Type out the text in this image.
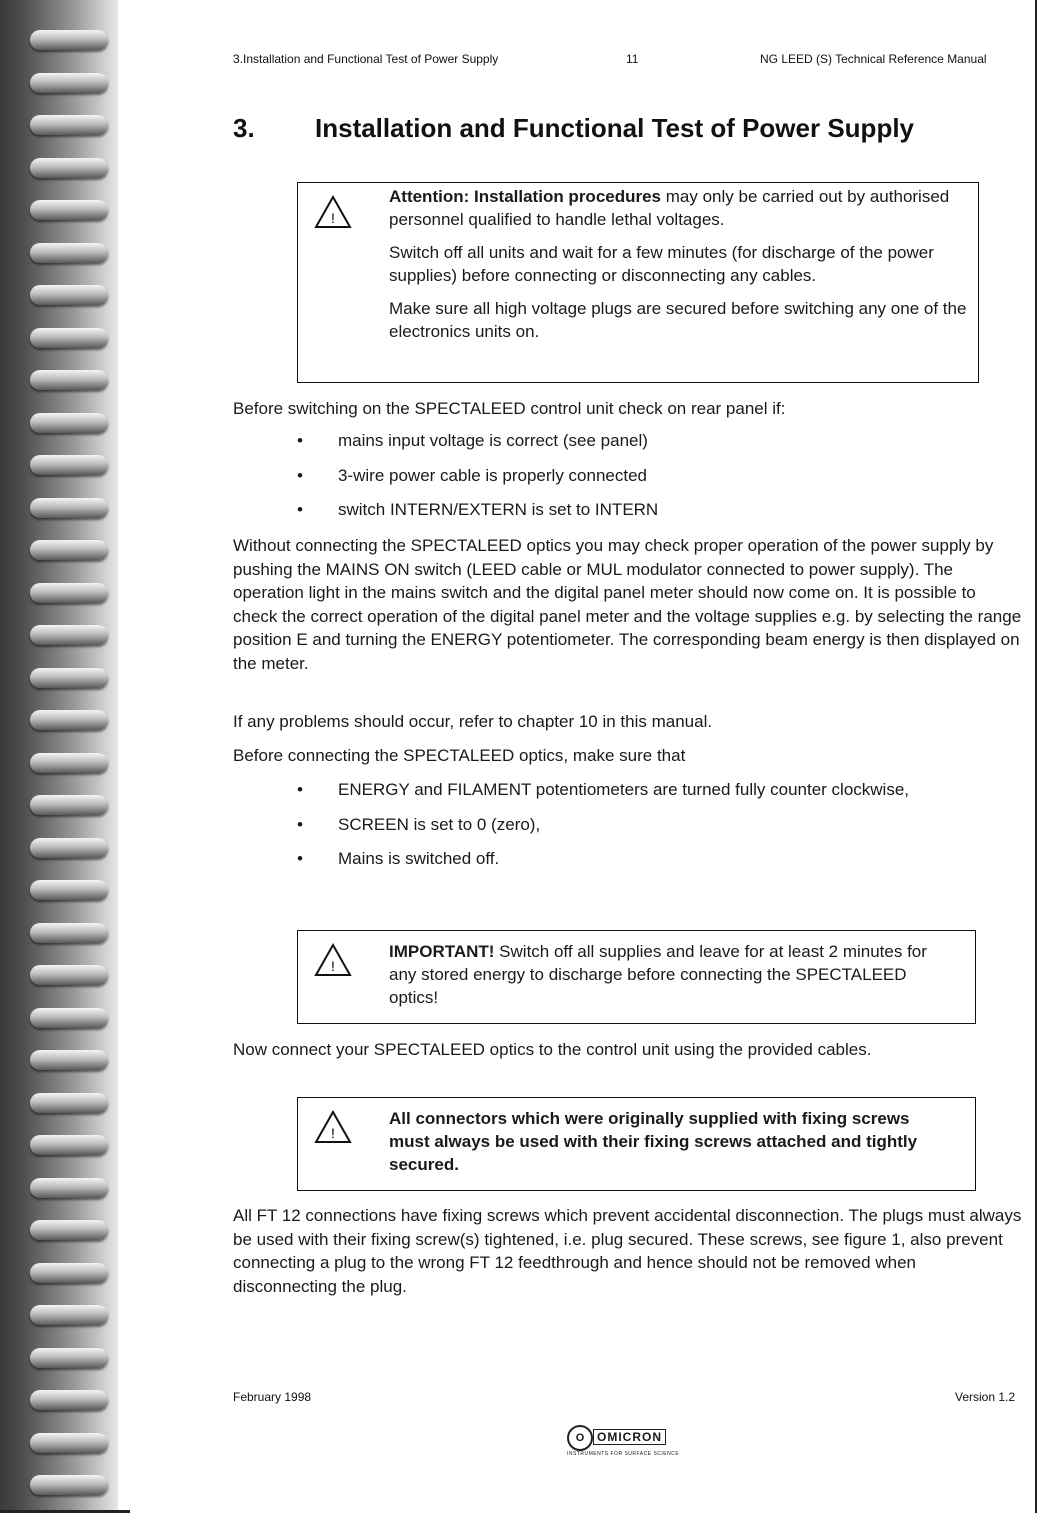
3.Installation and Functional Test of Power Supply	11	NG LEED (S) Technical Reference Manual
3. Installation and Functional Test of Power Supply
!

Attention: Installation procedures may only be carried out by authorised personnel qualified to handle lethal voltages.

Switch off all units and wait for a few minutes (for discharge of the power supplies) before connecting or disconnecting any cables.

Make sure all high voltage plugs are secured before switching any one of the electronics units on.

Before switching on the SPECTALEED control unit check on rear panel if:

• mains input voltage is correct (see panel)
• 3-wire power cable is properly connected
• switch INTERN/EXTERN is set to INTERN

Without connecting the SPECTALEED optics you may check proper operation of the power supply by pushing the MAINS ON switch (LEED cable or MUL modulator connected to power supply). The operation light in the mains switch and the digital panel meter should now come on. It is possible to check the correct operation of the digital panel meter and the voltage supplies e.g. by selecting the range position E and turning the ENERGY potentiometer. The corresponding beam energy is then displayed on the meter.

If any problems should occur, refer to chapter 10 in this manual.

Before connecting the SPECTALEED optics, make sure that

• ENERGY and FILAMENT potentiometers are turned fully counter clockwise,
• SCREEN is set to 0 (zero),
• Mains is switched off.
!
IMPORTANT! Switch off all supplies and leave for at least 2 minutes for any stored energy to discharge before connecting the SPECTALEED optics!

Now connect your SPECTALEED optics to the control unit using the provided cables.

!
All connectors which were originally supplied with fixing screws must always be used with their fixing screws attached and tightly secured.

All FT 12 connections have fixing screws which prevent accidental disconnection. The plugs must always be used with their fixing screw(s) tightened, i.e. plug secured. These screws, see figure 1, also prevent connecting a plug to the wrong FT 12 feedthrough and hence should not be removed when disconnecting the plug.

February 1998	Version 1.2
O	OMICRON
INSTRUMENTS FOR SURFACE SCIENCE
